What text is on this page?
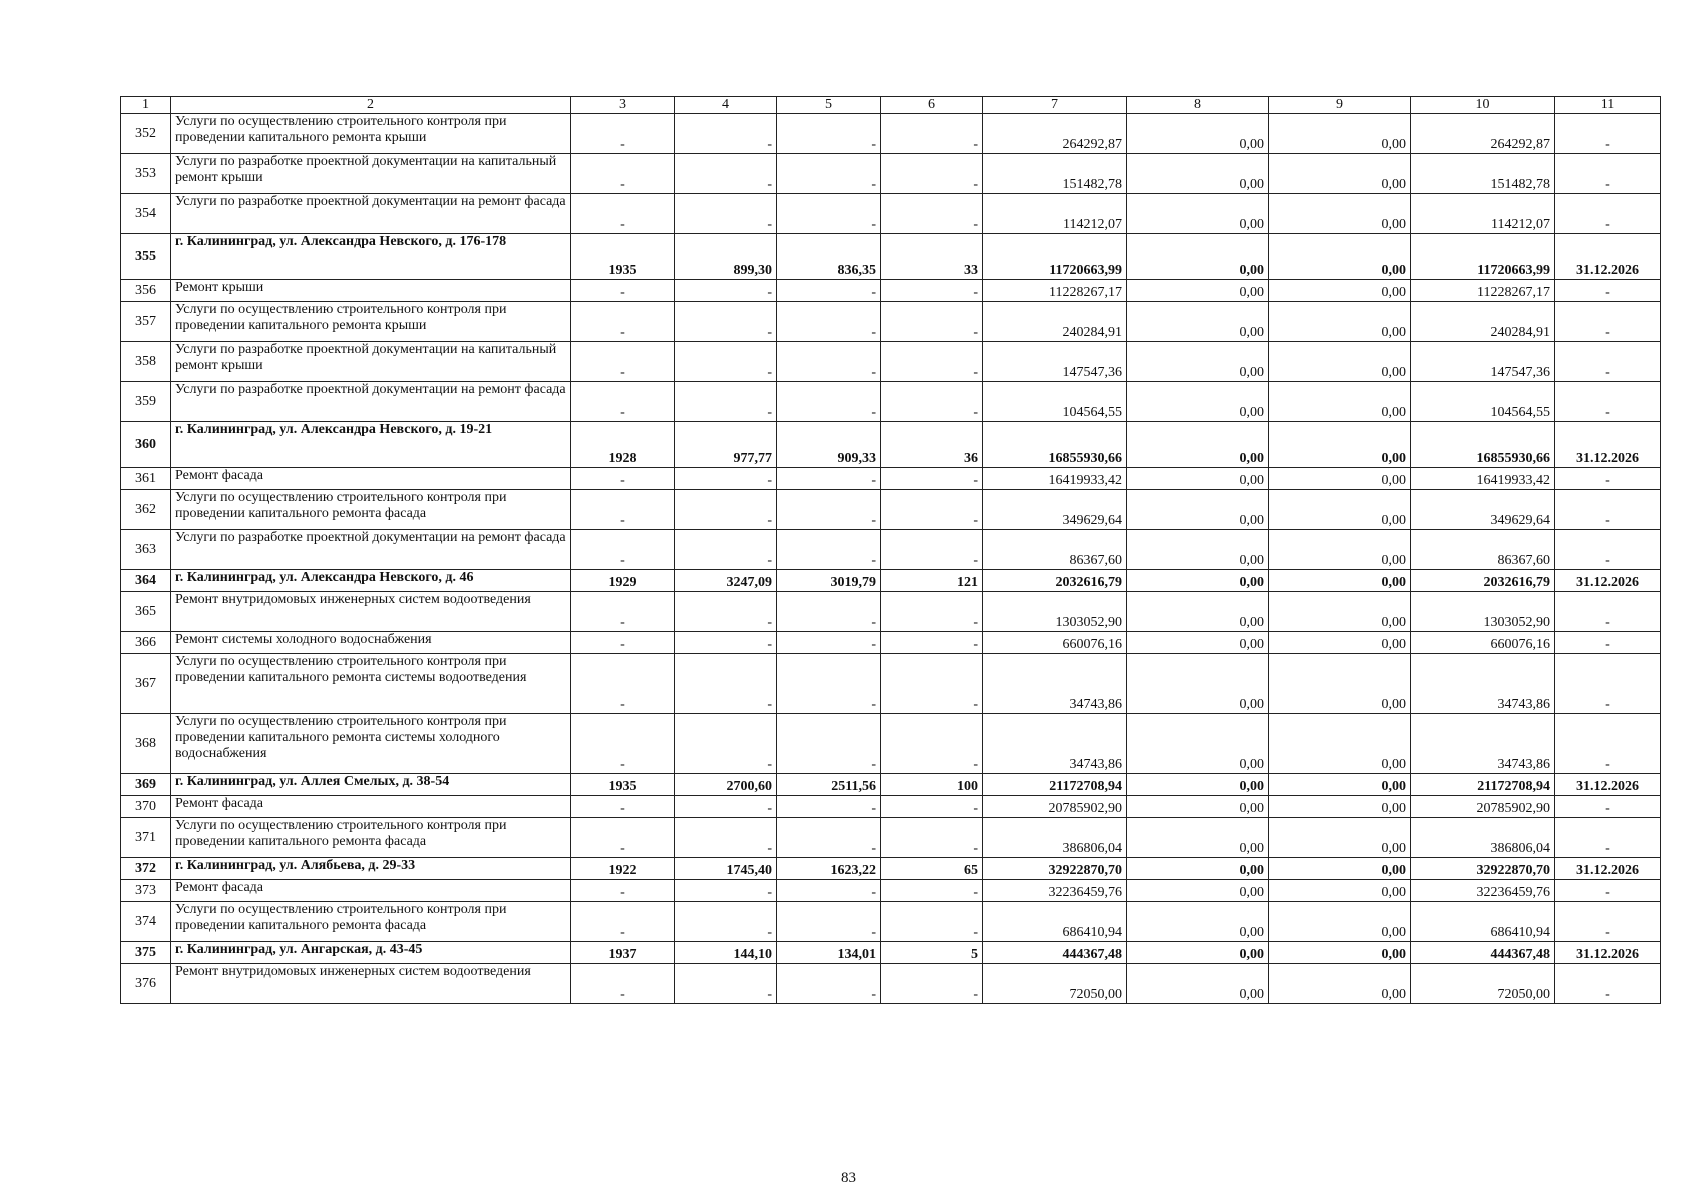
1	2	3	4	5	6	7	8	9	10	11
352	Услуги по осуществлению строительного контроля при проведении капитального ремонта крыши	-	-	-	-	264292,87	0,00	0,00	264292,87	-
353	Услуги по разработке проектной документации на капитальный ремонт крыши	-	-	-	-	151482,78	0,00	0,00	151482,78	-
354	Услуги по разработке проектной документации на ремонт фасада	-	-	-	-	114212,07	0,00	0,00	114212,07	-
355	г. Калининград, ул. Александра Невского, д. 176-178	1935	899,30	836,35	33	11720663,99	0,00	0,00	11720663,99	31.12.2026
356	Ремонт крыши	-	-	-	-	11228267,17	0,00	0,00	11228267,17	-
357	Услуги по осуществлению строительного контроля при проведении капитального ремонта крыши	-	-	-	-	240284,91	0,00	0,00	240284,91	-
358	Услуги по разработке проектной документации на капитальный ремонт крыши	-	-	-	-	147547,36	0,00	0,00	147547,36	-
359	Услуги по разработке проектной документации на ремонт фасада	-	-	-	-	104564,55	0,00	0,00	104564,55	-
360	г. Калининград, ул. Александра Невского, д. 19-21	1928	977,77	909,33	36	16855930,66	0,00	0,00	16855930,66	31.12.2026
361	Ремонт фасада	-	-	-	-	16419933,42	0,00	0,00	16419933,42	-
362	Услуги по осуществлению строительного контроля при проведении капитального ремонта фасада	-	-	-	-	349629,64	0,00	0,00	349629,64	-
363	Услуги по разработке проектной документации на ремонт фасада	-	-	-	-	86367,60	0,00	0,00	86367,60	-
364	г. Калининград, ул. Александра Невского, д. 46	1929	3247,09	3019,79	121	2032616,79	0,00	0,00	2032616,79	31.12.2026
365	Ремонт внутридомовых инженерных систем водоотведения	-	-	-	-	1303052,90	0,00	0,00	1303052,90	-
366	Ремонт системы холодного водоснабжения	-	-	-	-	660076,16	0,00	0,00	660076,16	-
367	Услуги по осуществлению строительного контроля при проведении капитального ремонта системы водоотведения	-	-	-	-	34743,86	0,00	0,00	34743,86	-
368	Услуги по осуществлению строительного контроля при проведении капитального ремонта системы холодного водоснабжения	-	-	-	-	34743,86	0,00	0,00	34743,86	-
369	г. Калининград, ул. Аллея Смелых, д. 38-54	1935	2700,60	2511,56	100	21172708,94	0,00	0,00	21172708,94	31.12.2026
370	Ремонт фасада	-	-	-	-	20785902,90	0,00	0,00	20785902,90	-
371	Услуги по осуществлению строительного контроля при проведении капитального ремонта фасада	-	-	-	-	386806,04	0,00	0,00	386806,04	-
372	г. Калининград, ул. Алябьева, д. 29-33	1922	1745,40	1623,22	65	32922870,70	0,00	0,00	32922870,70	31.12.2026
373	Ремонт фасада	-	-	-	-	32236459,76	0,00	0,00	32236459,76	-
374	Услуги по осуществлению строительного контроля при проведении капитального ремонта фасада	-	-	-	-	686410,94	0,00	0,00	686410,94	-
375	г. Калининград, ул. Ангарская, д. 43-45	1937	144,10	134,01	5	444367,48	0,00	0,00	444367,48	31.12.2026
376	Ремонт внутридомовых инженерных систем водоотведения	-	-	-	-	72050,00	0,00	0,00	72050,00	-
83
